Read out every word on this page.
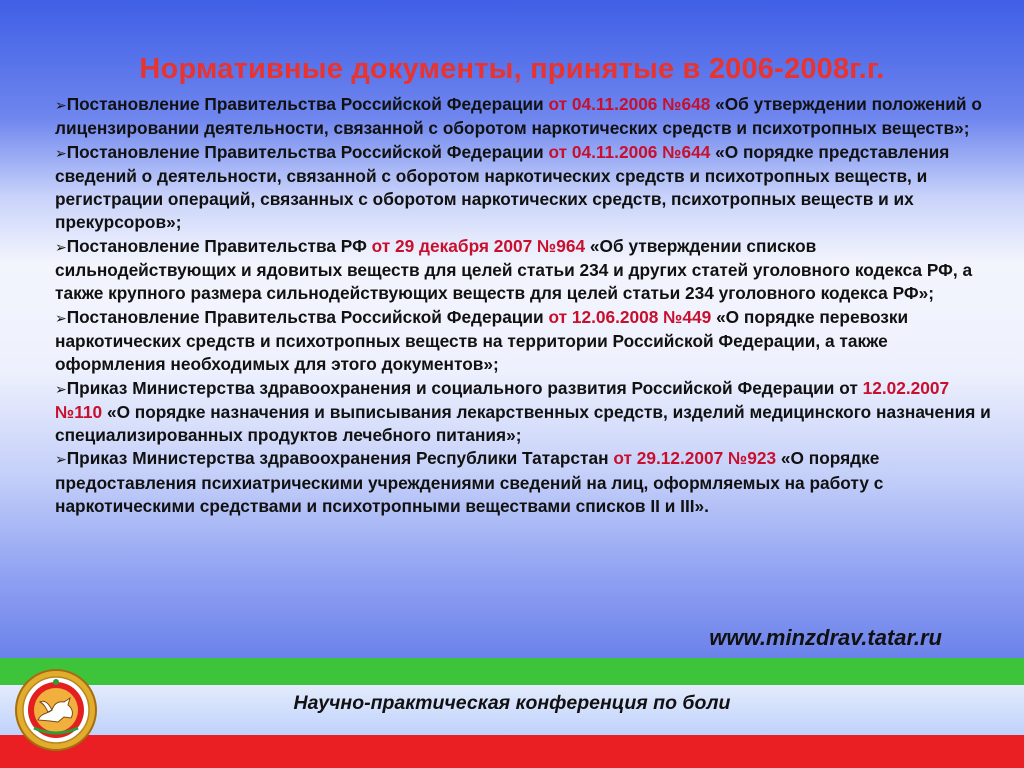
Нормативные документы, принятые в 2006-2008г.г.
➢Постановление Правительства Российской Федерации от 04.11.2006 №648 «Об утверждении положений о лицензировании деятельности, связанной с оборотом наркотических средств и психотропных веществ»;
➢Постановление Правительства Российской Федерации от 04.11.2006 №644 «О порядке представления сведений о деятельности, связанной с оборотом наркотических средств и психотропных веществ, и регистрации операций, связанных с оборотом наркотических средств, психотропных веществ и их прекурсоров»;
➢Постановление Правительства РФ от 29 декабря 2007 №964 «Об утверждении списков сильнодействующих и ядовитых веществ для целей статьи 234 и других статей уголовного кодекса РФ, а также крупного размера сильнодействующих веществ для целей статьи 234 уголовного кодекса РФ»;
➢Постановление Правительства Российской Федерации от 12.06.2008 №449 «О порядке перевозки наркотических средств и психотропных веществ на территории Российской Федерации, а также оформления необходимых для этого документов»;
➢Приказ Министерства здравоохранения и социального развития Российской Федерации от 12.02.2007 №110 «О порядке назначения и выписывания лекарственных средств, изделий медицинского назначения и специализированных продуктов лечебного питания»;
➢Приказ Министерства здравоохранения Республики Татарстан от 29.12.2007 №923 «О порядке предоставления психиатрическими учреждениями сведений на лиц, оформляемых на работу с наркотическими средствами и психотропными веществами списков II и III».
www.minzdrav.tatar.ru
Научно-практическая конференция по боли
